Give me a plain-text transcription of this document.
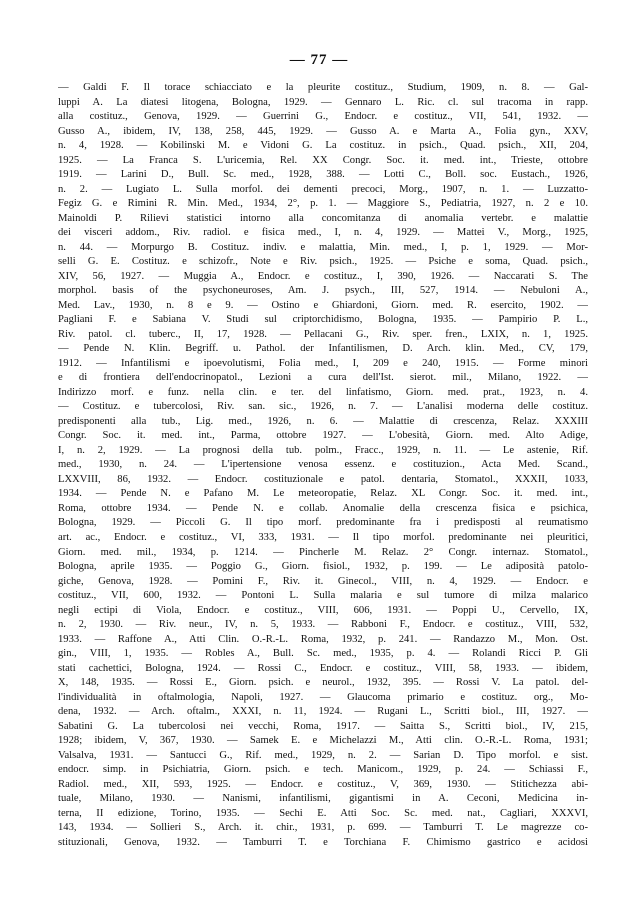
— 77 —
— Galdi F. Il torace schiacciato e la pleurite costituz., Studium, 1909, n. 8. — Gal-
luppi A. La diatesi litogena, Bologna, 1929. — Gennaro L. Ric. cl. sul tracoma in rapp.
alla costituz., Genova, 1929. — Guerrini G., Endocr. e costituz., VII, 541, 1932. —
Gusso A., ibidem, IV, 138, 258, 445, 1929. — Gusso A. e Marta A., Folia gyn., XXV,
n. 4, 1928. — Kobilinski M. e Vidoni G. La costituz. in psich., Quad. psich., XII, 204,
1925. — La Franca S. L'uricemia, Rel. XX Congr. Soc. it. med. int., Trieste, ottobre
1919. — Larini D., Bull. Sc. med., 1928, 388. — Lotti C., Boll. soc. Eustach., 1926,
n. 2. — Lugiato L. Sulla morfol. dei dementi precoci, Morg., 1907, n. 1. — Luzzatto-
Fegiz G. e Rimini R. Min. Med., 1934, 2°, p. 1. — Maggiore S., Pediatria, 1927, n. 2 e 10.
Mainoldi P. Rilievi statistici intorno alla concomitanza di anomalia vertebr. e malattie
dei visceri addom., Riv. radiol. e fisica med., I, n. 4, 1929. — Mattei V., Morg., 1925,
n. 44. — Morpurgo B. Costituz. indiv. e malattia, Min. med., I, p. 1, 1929. — Mor-
selli G. E. Costituz. e schizofr., Note e Riv. psich., 1925. — Psiche e soma, Quad. psich.,
XIV, 56, 1927. — Muggia A., Endocr. e costituz., I, 390, 1926. — Naccarati S. The
morphol. basis of the psychoneuroses, Am. J. psych., III, 527, 1914. — Nebuloni A.,
Med. Lav., 1930, n. 8 e 9. — Ostino e Ghiardoni, Giorn. med. R. esercito, 1902. —
Pagliani F. e Sabiana V. Studi sul criptorchidismo, Bologna, 1935. — Pampirio P. L.,
Riv. patol. cl. tuberc., II, 17, 1928. — Pellacani G., Riv. sper. fren., LXIX, n. 1, 1925.
— Pende N. Klin. Begriff. u. Pathol. der Infantilismen, D. Arch. klin. Med., CV, 179,
1912. — Infantilismi e ipoevolutismi, Folia med., I, 209 e 240, 1915. — Forme minori
e di frontiera dell'endocrinopatol., Lezioni a cura dell'Ist. sierot. mil., Milano, 1922. —
Indirizzo morf. e funz. nella clin. e ter. del linfatismo, Giorn. med. prat., 1923, n. 4.
— Costituz. e tubercolosi, Riv. san. sic., 1926, n. 7. — L'analisi moderna delle costituz.
predisponenti alla tub., Lig. med., 1926, n. 6. — Malattie di crescenza, Relaz. XXXIII
Congr. Soc. it. med. int., Parma, ottobre 1927. — L'obesità, Giorn. med. Alto Adige,
I, n. 2, 1929. — La prognosi della tub. polm., Fracc., 1929, n. 11. — Le astenie, Rif.
med., 1930, n. 24. — L'ipertensione venosa essenz. e costituzion., Acta Med. Scand.,
LXXVIII, 86, 1932. — Endocr. costituzionale e patol. dentaria, Stomatol., XXXII, 1033,
1934. — Pende N. e Pafano M. Le meteoropatie, Relaz. XL Congr. Soc. it. med. int.,
Roma, ottobre 1934. — Pende N. e collab. Anomalie della crescenza fisica e psichica,
Bologna, 1929. — Piccoli G. Il tipo morf. predominante fra i predisposti al reumatismo
art. ac., Endocr. e costituz., VI, 333, 1931. — Il tipo morfol. predominante nei pleuritici,
Giorn. med. mil., 1934, p. 1214. — Pincherle M. Relaz. 2° Congr. internaz. Stomatol.,
Bologna, aprile 1935. — Poggio G., Giorn. fisiol., 1932, p. 199. — Le adiposità patolo-
giche, Genova, 1928. — Pomini F., Riv. it. Ginecol., VIII, n. 4, 1929. — Endocr. e
costituz., VII, 600, 1932. — Pontoni L. Sulla malaria e sul tumore di milza malarico
negli ectipi di Viola, Endocr. e costituz., VIII, 606, 1931. — Poppi U., Cervello, IX,
n. 2, 1930. — Riv. neur., IV, n. 5, 1933. — Rabboni F., Endocr. e costituz., VIII, 532,
1933. — Raffone A., Atti Clin. O.-R.-L. Roma, 1932, p. 241. — Randazzo M., Mon. Ost.
gin., VIII, 1, 1935. — Robles A., Bull. Sc. med., 1935, p. 4. — Rolandi Ricci P. Gli
stati cachettici, Bologna, 1924. — Rossi C., Endocr. e costituz., VIII, 58, 1933. — ibidem,
X, 148, 1935. — Rossi E., Giorn. psich. e neurol., 1932, 395. — Rossi V. La patol. del-
l'individualità in oftalmologia, Napoli, 1927. — Glaucoma primario e costituz. org., Mo-
dena, 1932. — Arch. oftalm., XXXI, n. 11, 1924. — Rugani L., Scritti biol., III, 1927. —
Sabatini G. La tubercolosi nei vecchi, Roma, 1917. — Saitta S., Scritti biol., IV, 215,
1928; ibidem, V, 367, 1930. — Samek E. e Michelazzi M., Atti clin. O.-R.-L. Roma, 1931;
Valsalva, 1931. — Santucci G., Rif. med., 1929, n. 2. — Sarian D. Tipo morfol. e sist.
endocr. simp. in Psichiatria, Giorn. psich. e tech. Manicom., 1929, p. 24. — Schiassi F.,
Radiol. med., XII, 593, 1925. — Endocr. e costituz., V, 369, 1930. — Stitichezza abi-
tuale, Milano, 1930. — Nanismi, infantilismi, gigantismi in A. Ceconi, Medicina in-
terna, II edizione, Torino, 1935. — Sechi E. Atti Soc. Sc. med. nat., Cagliari, XXXVI,
143, 1934. — Sollieri S., Arch. it. chir., 1931, p. 699. — Tamburri T. Le magrezze co-
stituzionali, Genova, 1932. — Tamburri T. e Torchiana F. Chimismo gastrico e acidosi
